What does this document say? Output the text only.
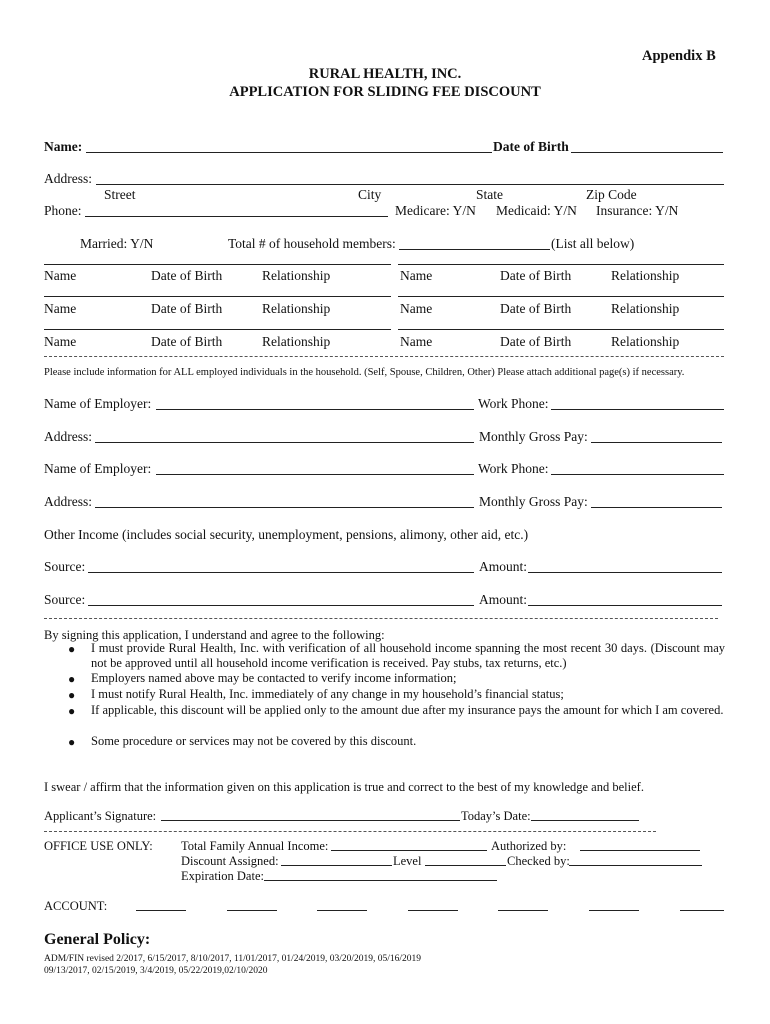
Appendix B
RURAL HEALTH, INC.
APPLICATION FOR SLIDING FEE DISCOUNT
Name:	Date of Birth
Address:
Street	City	State	Zip Code
Phone:	Medicare: Y/N Medicaid: Y/N Insurance: Y/N
Married: Y/N	Total # of household members:	(List all below)
Name	Date of Birth	Relationship	Name	Date of Birth	Relationship
Name	Date of Birth	Relationship	Name	Date of Birth	Relationship
Name	Date of Birth	Relationship	Name	Date of Birth	Relationship
Please include information for ALL employed individuals in the household. (Self, Spouse, Children, Other) Please attach additional page(s) if necessary.
Name of Employer:	Work Phone:
Address:	Monthly Gross Pay:
Name of Employer:	Work Phone:
Address:	Monthly Gross Pay:
Other Income (includes social security, unemployment, pensions, alimony, other aid, etc.)
Source:	Amount:
Source:	Amount:
By signing this application, I understand and agree to the following:
● I must provide Rural Health, Inc. with verification of all household income spanning the most recent 30 days. (Discount may not be approved until all household income verification is received. Pay stubs, tax returns, etc.)
● Employers named above may be contacted to verify income information;
● I must notify Rural Health, Inc. immediately of any change in my household’s financial status;
● If applicable, this discount will be applied only to the amount due after my insurance pays the amount for which I am covered.
● Some procedure or services may not be covered by this discount.
I swear / affirm that the information given on this application is true and correct to the best of my knowledge and belief.
Applicant’s Signature:	Today’s Date:
OFFICE USE ONLY: Total Family Annual Income:	Authorized by:
Discount Assigned:	Level	Checked by:
Expiration Date:
ACCOUNT:
General Policy:
ADM/FIN revised 2/2017, 6/15/2017, 8/10/2017, 11/01/2017, 01/24/2019, 03/20/2019, 05/16/2019
09/13/2017, 02/15/2019, 3/4/2019, 05/22/2019,02/10/2020
